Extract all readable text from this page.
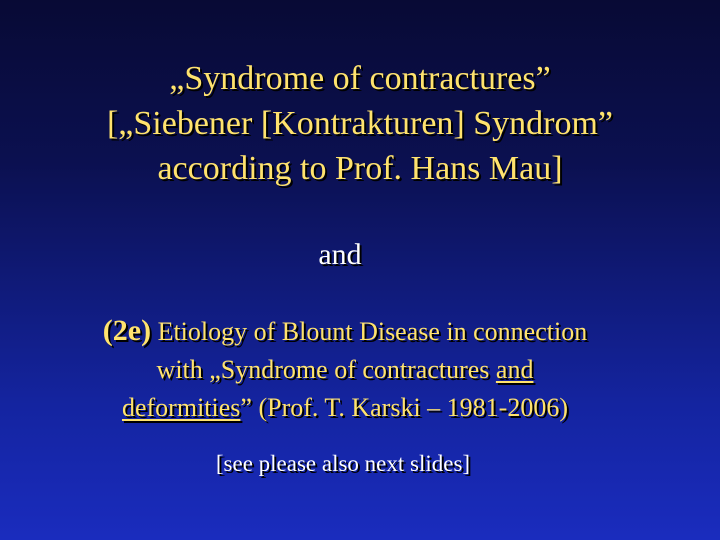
„Syndrome of contractures”
[„Siebener [Kontrakturen] Syndrom”
according to Prof. Hans Mau]
and
(2e) Etiology of Blount Disease in connection
with „Syndrome of contractures and
deformities” (Prof. T. Karski – 1981-2006)
[see please also next slides]
